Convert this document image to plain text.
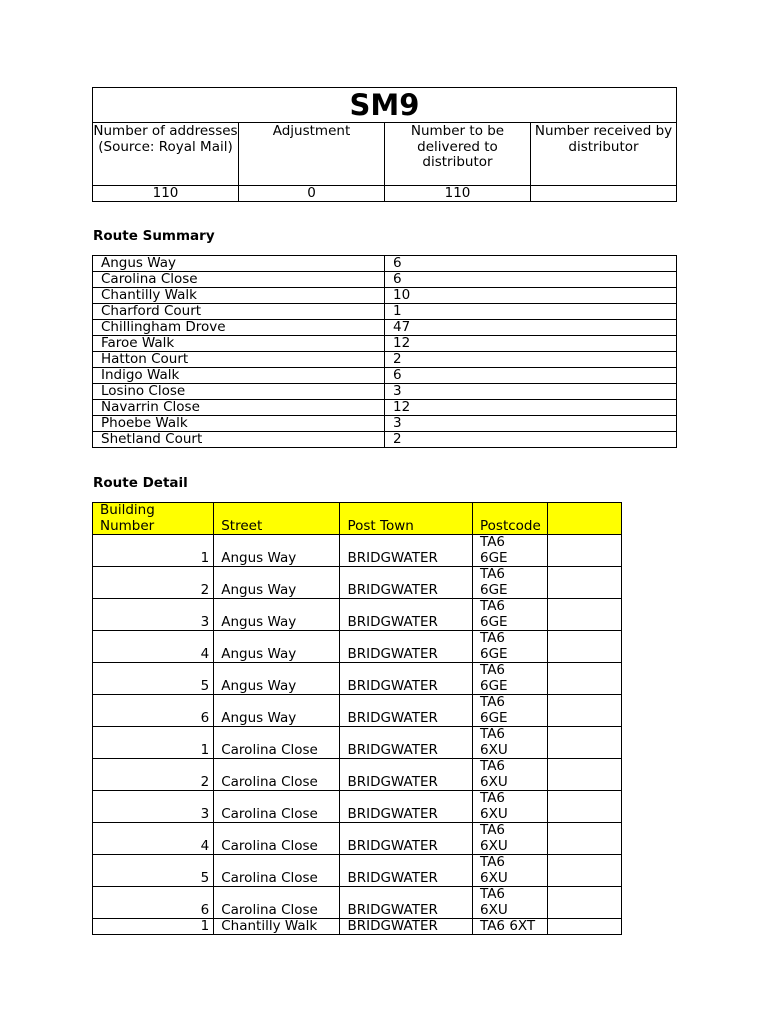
SM9			
Number of addresses (Source: Royal Mail)	Adjustment	Number to be delivered to distributor	Number received by distributor
110	0	110	
Route Summary
Angus Way	6
Carolina Close	6
Chantilly Walk	10
Charford Court	1
Chillingham Drove	47
Faroe Walk	12
Hatton Court	2
Indigo Walk	6
Losino Close	3
Navarrin Close	12
Phoebe Walk	3
Shetland Court	2
Route Detail
Building Number	Street	Post Town	Postcode	
1	Angus Way	BRIDGWATER	TA6
6GE	

2	Angus Way	BRIDGWATER	TA6
6GE	

3	Angus Way	BRIDGWATER	TA6
6GE	

4	Angus Way	BRIDGWATER	TA6
6GE	

5	Angus Way	BRIDGWATER	TA6
6GE	

6	Angus Way	BRIDGWATER	TA6
6GE	

1	Carolina Close	BRIDGWATER	TA6
6XU	

2	Carolina Close	BRIDGWATER	TA6
6XU	

3	Carolina Close	BRIDGWATER	TA6
6XU	

4	Carolina Close	BRIDGWATER	TA6
6XU	

5	Carolina Close	BRIDGWATER	TA6
6XU	

6	Carolina Close	BRIDGWATER	TA6
6XU	

1	Chantilly Walk	BRIDGWATER	TA6 6XT	
